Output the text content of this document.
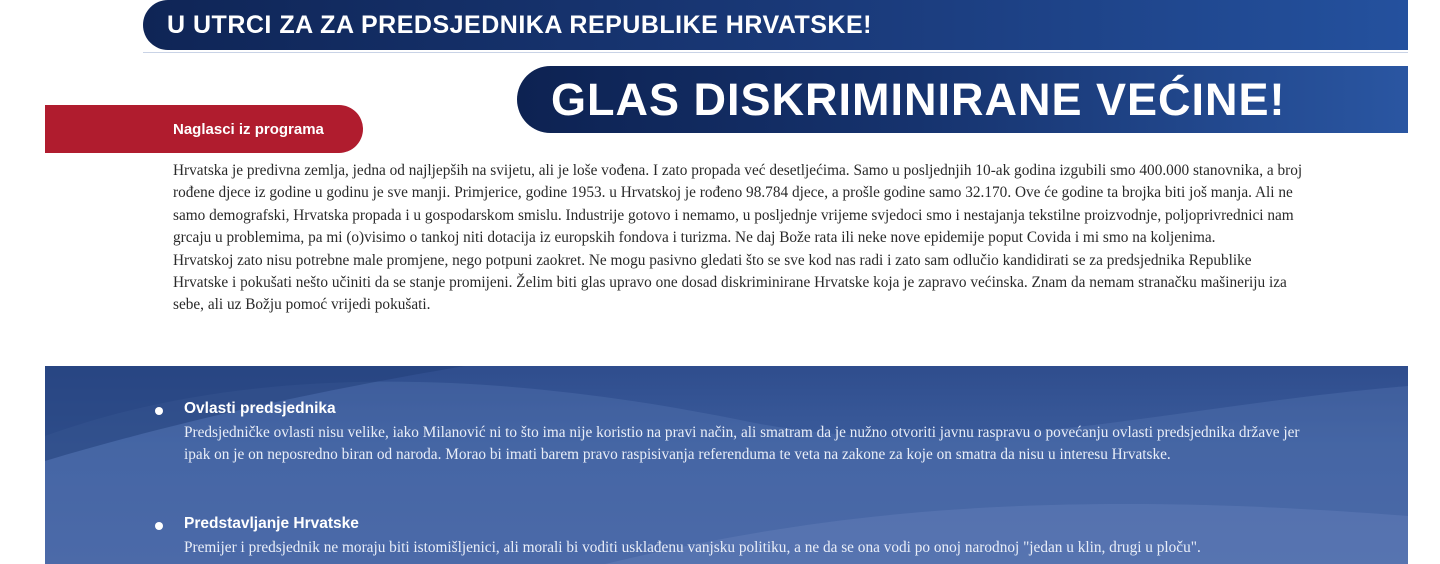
U UTRCI ZA ZA PREDSJEDNIKA REPUBLIKE HRVATSKE!
GLAS DISKRIMINIRANE VEĆINE!
Naglasci iz programa

Hrvatska je predivna zemlja, jedna od najljepših na svijetu, ali je loše vođena. I zato propada već desetljećima. Samo u posljednjih 10-ak godina izgubili smo 400.000 stanovnika, a broj rođene djece iz godine u godinu je sve manji. Primjerice, godine 1953. u Hrvatskoj je rođeno 98.784 djece, a prošle godine samo 32.170. Ove će godine ta brojka biti još manja. Ali ne samo demografski, Hrvatska propada i u gospodarskom smislu. Industrije gotovo i nemamo, u posljednje vrijeme svjedoci smo i nestajanja tekstilne proizvodnje, poljoprivrednici nam grcaju u problemima, pa mi (o)visimo o tankoj niti dotacija iz europskih fondova i turizma. Ne daj Bože rata ili neke nove epidemije poput Covida i mi smo na koljenima.

Hrvatskoj zato nisu potrebne male promjene, nego potpuni zaokret. Ne mogu pasivno gledati što se sve kod nas radi i zato sam odlučio kandidirati se za predsjednika Republike Hrvatske i pokušati nešto učiniti da se stanje promijeni. Želim biti glas upravo one dosad diskriminirane Hrvatske koja je zapravo većinska. Znam da nemam stranačku mašineriju iza sebe, ali uz Božju pomoć vrijedi pokušati.

Ovlasti predsjednika
Predsjedničke ovlasti nisu velike, iako Milanović ni to što ima nije koristio na pravi način, ali smatram da je nužno otvoriti javnu raspravu o povećanju ovlasti predsjednika države jer ipak on je on neposredno biran od naroda. Morao bi imati barem pravo raspisivanja referenduma te veta na zakone za koje on smatra da nisu u interesu Hrvatske.
Predstavljanje Hrvatske
Premijer i predsjednik ne moraju biti istomišljenici, ali morali bi voditi usklađenu vanjsku politiku, a ne da se ona vodi po onoj narodnoj "jedan u klin, drugi u ploču".
